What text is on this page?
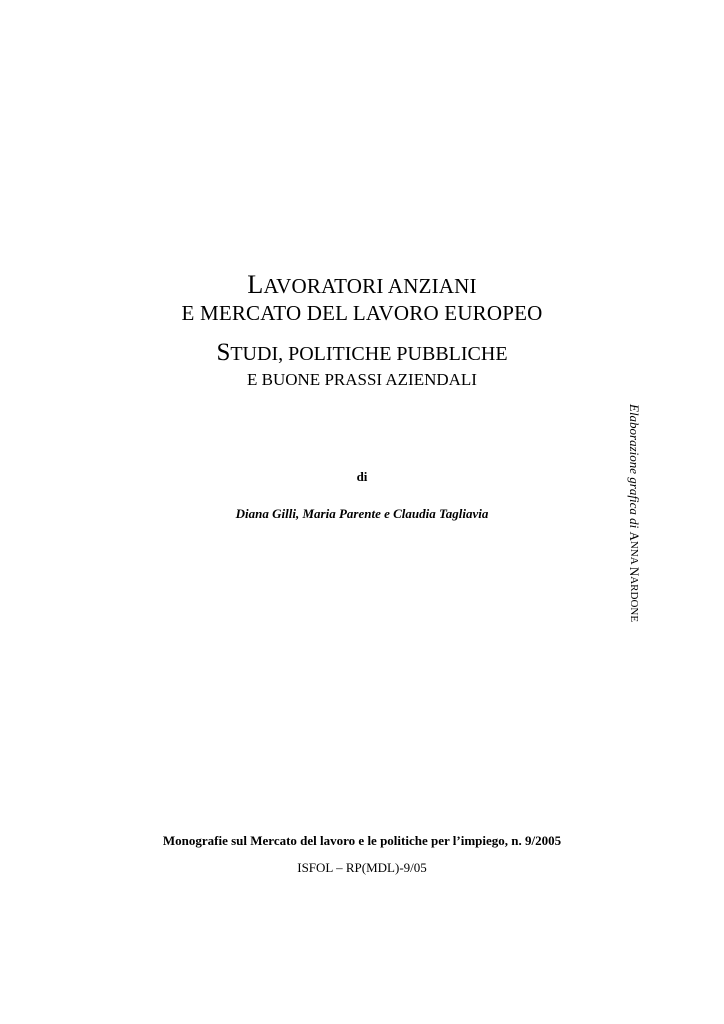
LAVORATORI ANZIANI
E MERCATO DEL LAVORO EUROPEO
STUDI, POLITICHE PUBBLICHE
E BUONE PRASSI AZIENDALI
di
Diana Gilli, Maria Parente e Claudia Tagliavia	Elaborazione grafica di ANNA NARDONE
Monografie sul Mercato del lavoro e le politiche per l’impiego, n. 9/2005
ISFOL – RP(MDL)-9/05
